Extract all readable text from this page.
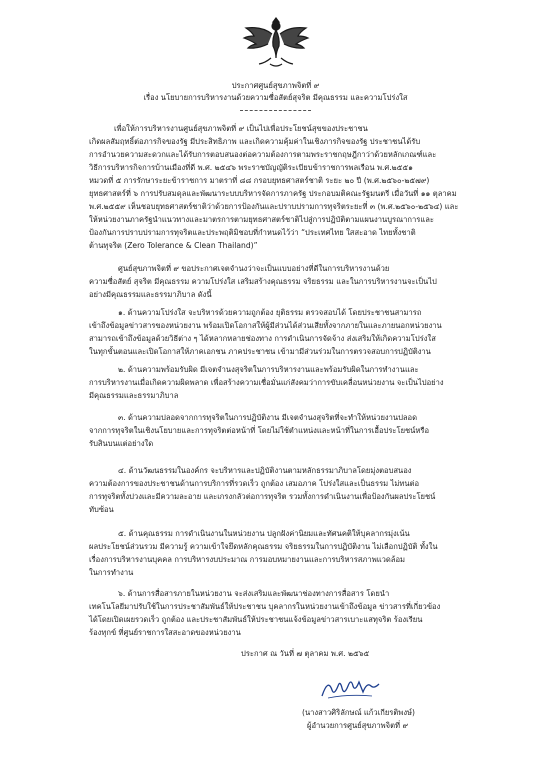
ประกาศศูนย์สุขภาพจิตที่ ๙
เรื่อง นโยบายการบริหารงานด้วยความซื่อสัตย์สุจริต มีคุณธรรม และความโปร่งใส
เพื่อให้การบริหารงานศูนย์สุขภาพจิตที่ ๙ เป็นไปเพื่อประโยชน์สุขของประชาชน
เกิดผลสัมฤทธิ์ต่อภารกิจของรัฐ มีประสิทธิภาพ และเกิดความคุ้มค่าในเชิงภารกิจของรัฐ ประชาชนได้รับ
การอำนวยความสะดวกและได้รับการตอบสนองต่อความต้องการตามพระราชกฤษฎีกาว่าด้วยหลักเกณฑ์และ
วิธีการบริหารกิจการบ้านเมืองที่ดี พ.ศ. ๒๕๔๖ พระราชบัญญัติระเบียบข้าราชการพลเรือน พ.ศ.๒๕๕๑
หมวดที่ ๕ การรักษาระยะข้าราชการ มาตราที่ ๘๘ กรอบยุทธศาสตร์ชาติ ระยะ ๒๐ ปี (พ.ศ.๒๕๖๐-๒๕๗๙)
ยุทธศาสตร์ที่ ๖ การปรับสมดุลและพัฒนาระบบบริหารจัดการภาครัฐ ประกอบมติคณะรัฐมนตรี เมื่อวันที่ ๑๑ ตุลาคม
พ.ศ.๒๕๕๙ เห็นชอบยุทธศาสตร์ชาติว่าด้วยการป้องกันและปราบปรามการทุจริตระยะที่ ๓ (พ.ศ.๒๕๖๐-๒๕๖๔) และ
ให้หน่วยงานภาครัฐนำแนวทางและมาตรการตามยุทธศาสตร์ชาติไปสู่การปฏิบัติตามแผนงานบูรณาการและ
ป้องกันการปราบปรามการทุจริตและประพฤติมิชอบที่กำหนดไว้ว่า “ประเทศไทย ใสสะอาด ไทยทั้งชาติ
ต้านทุจริต (Zero Tolerance & Clean Thailand)”
ศูนย์สุขภาพจิตที่ ๙ ขอประกาศเจตจำนงว่าจะเป็นแบบอย่างที่ดีในการบริหารงานด้วย
ความซื่อสัตย์ สุจริต มีคุณธรรม ความโปร่งใส เสริมสร้างคุณธรรม จริยธรรม และในการบริหารงานจะเป็นไป
อย่างมีคุณธรรมและธรรมาภิบาล ดังนี้
๑. ด้านความโปร่งใส จะบริหารด้วยความถูกต้อง ยุติธรรม ตรวจสอบได้ โดยประชาชนสามารถ
เข้าถึงข้อมูลข่าวสารของหน่วยงาน พร้อมเปิดโอกาสให้ผู้มีส่วนได้ส่วนเสียทั้งจากภายในและภายนอกหน่วยงาน
สามารถเข้าถึงข้อมูลด้วยวิธีต่าง ๆ ได้หลากหลายช่องทาง การดำเนินการจัดจ้าง ส่งเสริมให้เกิดความโปร่งใส
ในทุกขั้นตอนและเปิดโอกาสให้ภาคเอกชน ภาคประชาชน เข้ามามีส่วนร่วมในการตรวจสอบการปฏิบัติงาน
๒. ด้านความพร้อมรับผิด มีเจตจำนงสุจริตในการบริหารงานและพร้อมรับผิดในการทำงานและ
การบริหารงานเมื่อเกิดความผิดพลาด เพื่อสร้างความเชื่อมั่นแก่สังคมว่าการขับเคลื่อนหน่วยงาน จะเป็นไปอย่าง
มีคุณธรรมและธรรมาภิบาล
๓. ด้านความปลอดจากการทุจริตในการปฏิบัติงาน มีเจตจำนงสุจริตที่จะทำให้หน่วยงานปลอด
จากการทุจริตในเชิงนโยบายและการทุจริตต่อหน้าที่ โดยไม่ใช้ตำแหน่งและหน้าที่ในการเอื้อประโยชน์หรือ
รับสินบนแต่อย่างใด
๔. ด้านวัฒนธรรมในองค์กร จะบริหารและปฏิบัติงานตามหลักธรรมาภิบาลโดยมุ่งตอบสนอง
ความต้องการของประชาชนด้านการบริการที่รวดเร็ว ถูกต้อง เสมอภาค โปร่งใสและเป็นธรรม ไม่ทนต่อ
การทุจริตทั้งปวงและมีความละอาย และเกรงกลัวต่อการทุจริต รวมทั้งการดำเนินงานเพื่อป้องกันผลประโยชน์
ทับซ้อน
๕. ด้านคุณธรรม การดำเนินงานในหน่วยงาน ปลูกฝังค่านิยมและทัศนคติให้บุคลากรมุ่งเน้น
ผลประโยชน์ส่วนรวม มีความรู้ ความเข้าใจยึดหลักคุณธรรม จริยธรรมในการปฏิบัติงาน ไม่เลือกปฏิบัติ ทั้งใน
เรื่องการบริหารงานบุคคล การบริหารงบประมาณ การมอบหมายงานและการบริหารสภาพแวดล้อม
ในการทำงาน
๖. ด้านการสื่อสารภายในหน่วยงาน จะส่งเสริมและพัฒนาช่องทางการสื่อสาร โดยนำ
เทคโนโลยีมาปรับใช้ในการประชาสัมพันธ์ให้ประชาชน บุคลากรในหน่วยงานเข้าถึงข้อมูล ข่าวสารที่เกี่ยวข้อง
ได้โดยเปิดเผยรวดเร็ว ถูกต้อง และประชาสัมพันธ์ให้ประชาชนแจ้งข้อมูลข่าวสารเบาะแสทุจริต ร้องเรียน
ร้องทุกข์ ที่ศูนย์ราชการใสสะอาดของหน่วยงาน
ประกาศ ณ วันที่ ๗ ตุลาคม พ.ศ. ๒๕๖๕
(นางสาวศิริลักษณ์ แก้วเกียรติพงษ์)
ผู้อำนวยการศูนย์สุขภาพจิตที่ ๙
